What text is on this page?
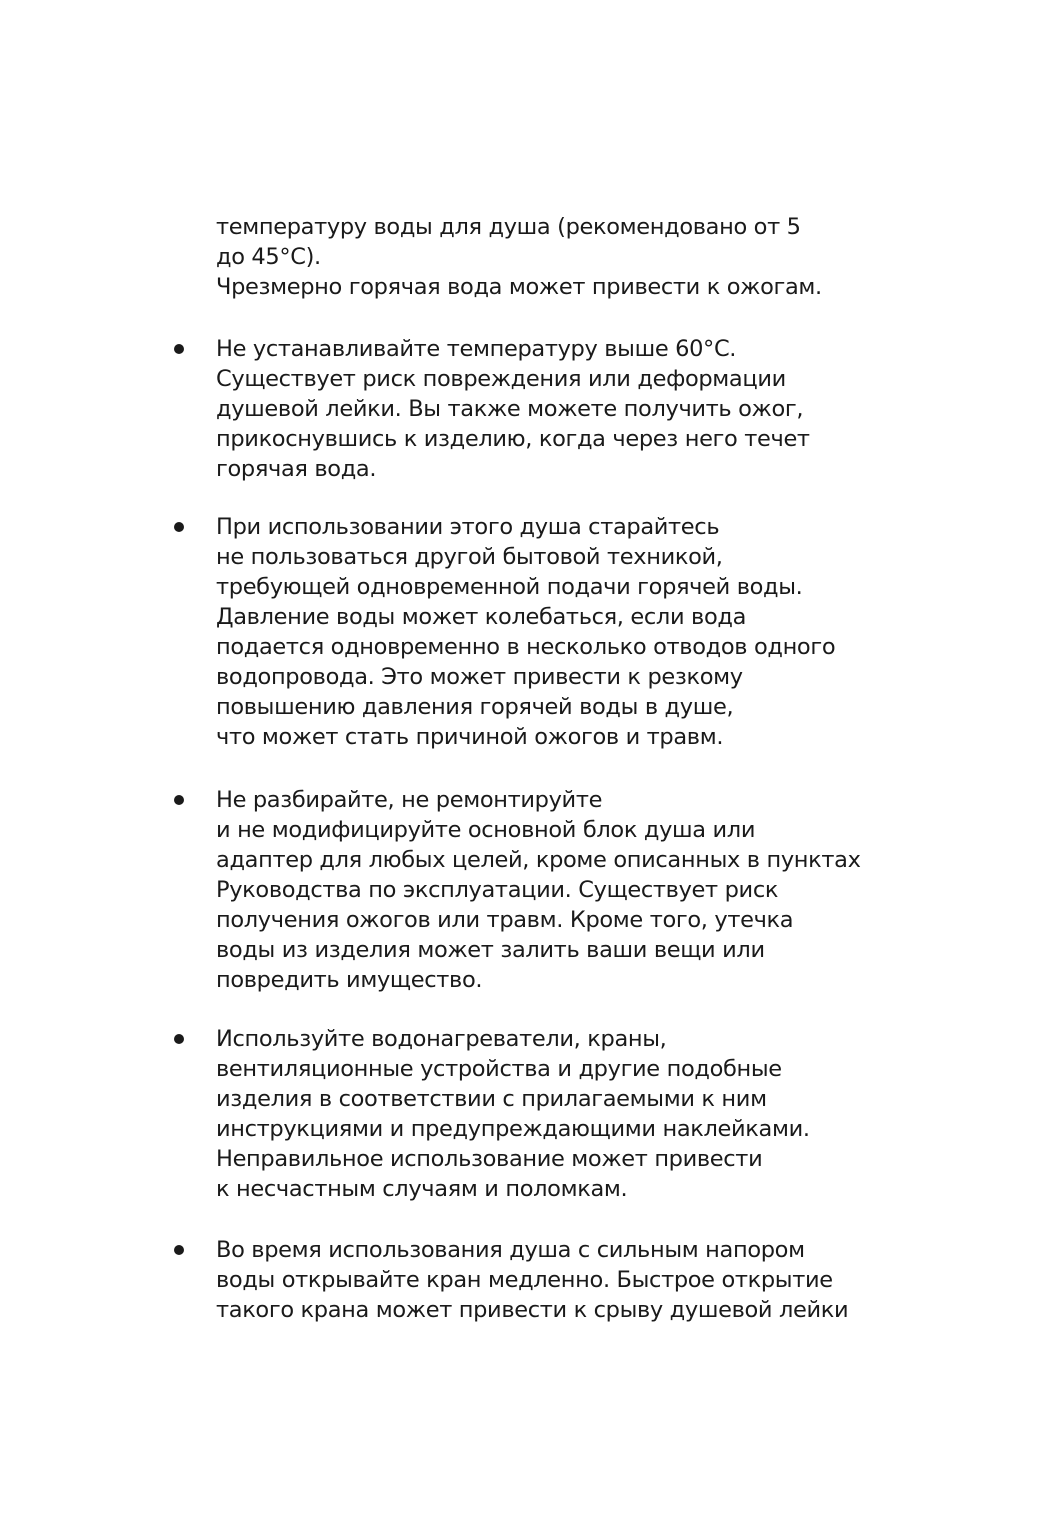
температуру воды для душа (рекомендовано от 5
до 45°C).
Чрезмерно горячая вода может привести к ожогам.
Не устанавливайте температуру выше 60°C.
Существует риск повреждения или деформации
душевой лейки. Вы также можете получить ожог,
прикоснувшись к изделию, когда через него течет
горячая вода.
При использовании этого душа старайтесь
не пользоваться другой бытовой техникой,
требующей одновременной подачи горячей воды.
Давление воды может колебаться, если вода
подается одновременно в несколько отводов одного
водопровода. Это может привести к резкому
повышению давления горячей воды в душе,
что может стать причиной ожогов и травм.
Не разбирайте, не ремонтируйте
и не модифицируйте основной блок душа или
адаптер для любых целей, кроме описанных в пунктах
Руководства по эксплуатации. Существует риск
получения ожогов или травм. Кроме того, утечка
воды из изделия может залить ваши вещи или
повредить имущество.
Используйте водонагреватели, краны,
вентиляционные устройства и другие подобные
изделия в соответствии с прилагаемыми к ним
инструкциями и предупреждающими наклейками.
Неправильное использование может привести
к несчастным случаям и поломкам.
Во время использования душа с сильным напором
воды открывайте кран медленно. Быстрое открытие
такого крана может привести к срыву душевой лейки
